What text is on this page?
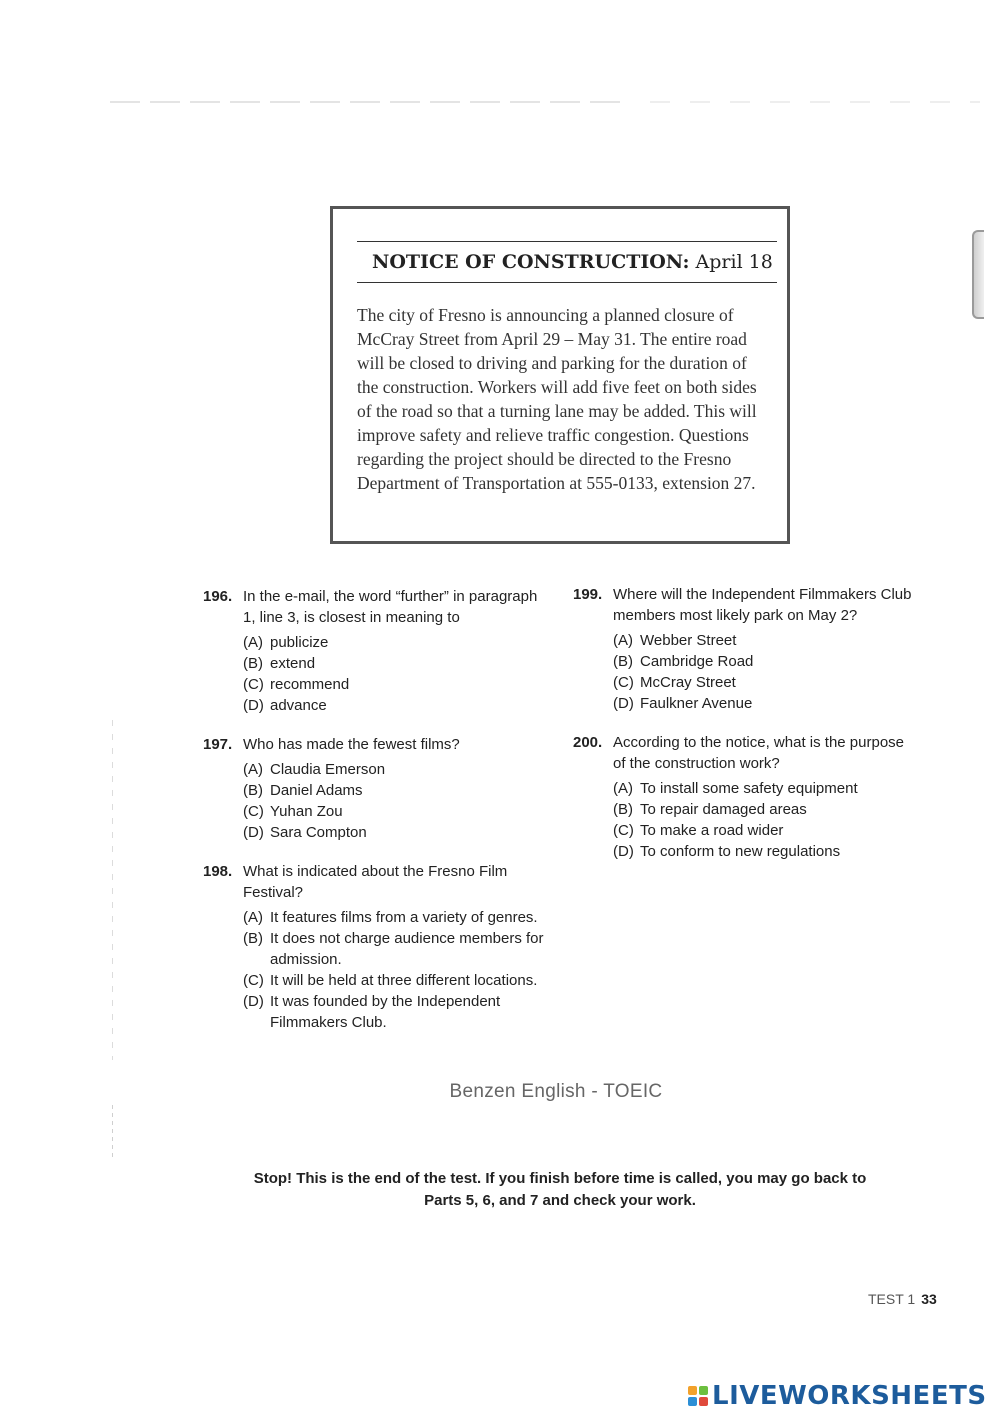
NOTICE OF CONSTRUCTION: April 18

The city of Fresno is announcing a planned closure of McCray Street from April 29 – May 31. The entire road will be closed to driving and parking for the duration of the construction. Workers will add five feet on both sides of the road so that a turning lane may be added. This will improve safety and relieve traffic congestion. Questions regarding the project should be directed to the Fresno Department of Transportation at 555-0133, extension 27.

196. In the e-mail, the word “further” in paragraph 1, line 3, is closest in meaning to
(A) publicize
(B) extend
(C) recommend
(D) advance
197. Who has made the fewest films?
(A) Claudia Emerson
(B) Daniel Adams
(C) Yuhan Zou
(D) Sara Compton
198. What is indicated about the Fresno Film Festival?
(A) It features films from a variety of genres.
(B) It does not charge audience members for admission.
(C) It will be held at three different locations.
(D) It was founded by the Independent Filmmakers Club.
199. Where will the Independent Filmmakers Club members most likely park on May 2?
(A) Webber Street
(B) Cambridge Road
(C) McCray Street
(D) Faulkner Avenue
200. According to the notice, what is the purpose of the construction work?
(A) To install some safety equipment
(B) To repair damaged areas
(C) To make a road wider
(D) To conform to new regulations
Benzen English - TOEIC

Stop! This is the end of the test. If you finish before time is called, you may go back to Parts 5, 6, and 7 and check your work.

TEST 1 33
LIVEWORKSHEETS
